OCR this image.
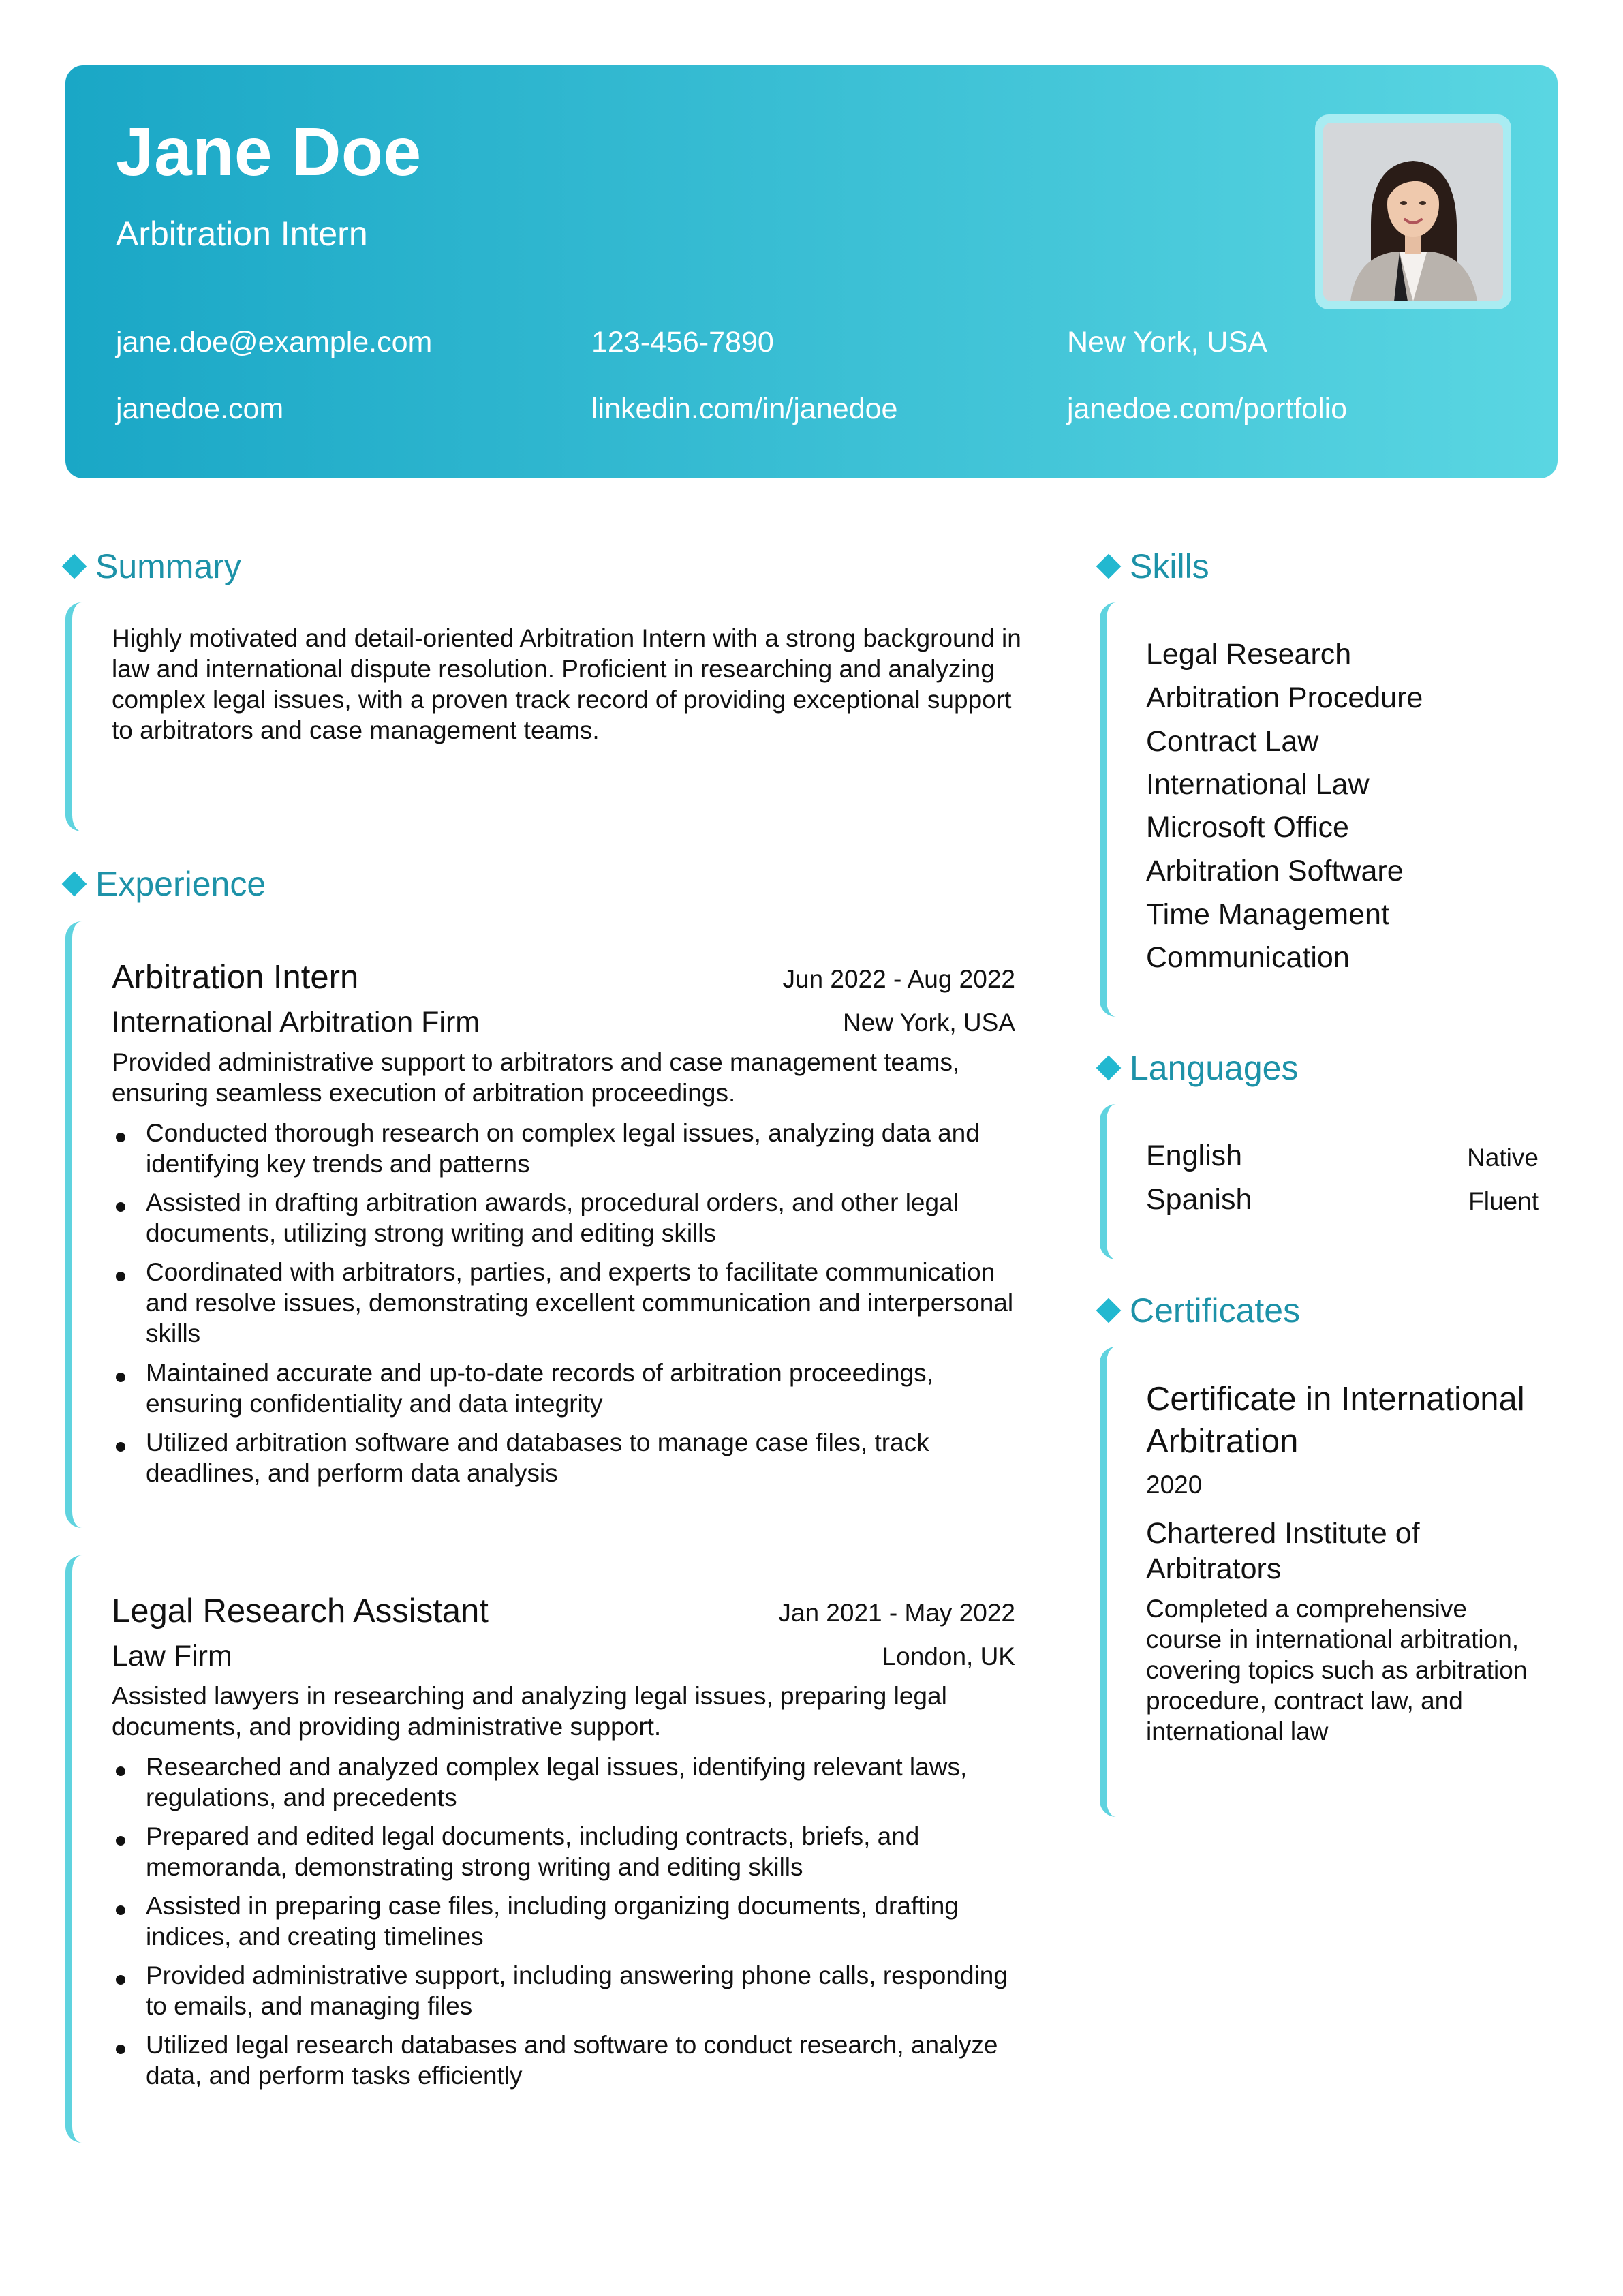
Jane Doe
Arbitration Intern
jane.doe@example.com	123-456-7890	New York, USA
janedoe.com	linkedin.com/in/janedoe	janedoe.com/portfolio
Summary
Highly motivated and detail-oriented Arbitration Intern with a strong background in law and international dispute resolution. Proficient in researching and analyzing complex legal issues, with a proven track record of providing exceptional support to arbitrators and case management teams.
Experience
Arbitration Intern	Jun 2022 - Aug 2022
International Arbitration Firm	New York, USA
Provided administrative support to arbitrators and case management teams, ensuring seamless execution of arbitration proceedings.
Conducted thorough research on complex legal issues, analyzing data and identifying key trends and patterns
Assisted in drafting arbitration awards, procedural orders, and other legal documents, utilizing strong writing and editing skills
Coordinated with arbitrators, parties, and experts to facilitate communication and resolve issues, demonstrating excellent communication and interpersonal skills
Maintained accurate and up-to-date records of arbitration proceedings, ensuring confidentiality and data integrity
Utilized arbitration software and databases to manage case files, track deadlines, and perform data analysis
Legal Research Assistant	Jan 2021 - May 2022
Law Firm	London, UK
Assisted lawyers in researching and analyzing legal issues, preparing legal documents, and providing administrative support.
Researched and analyzed complex legal issues, identifying relevant laws, regulations, and precedents
Prepared and edited legal documents, including contracts, briefs, and memoranda, demonstrating strong writing and editing skills
Assisted in preparing case files, including organizing documents, drafting indices, and creating timelines
Provided administrative support, including answering phone calls, responding to emails, and managing files
Utilized legal research databases and software to conduct research, analyze data, and perform tasks efficiently
Skills
Legal Research
Arbitration Procedure
Contract Law
International Law
Microsoft Office
Arbitration Software
Time Management
Communication
Languages
English	Native
Spanish	Fluent
Certificates
Certificate in International Arbitration
2020
Chartered Institute of Arbitrators
Completed a comprehensive course in international arbitration, covering topics such as arbitration procedure, contract law, and international law
